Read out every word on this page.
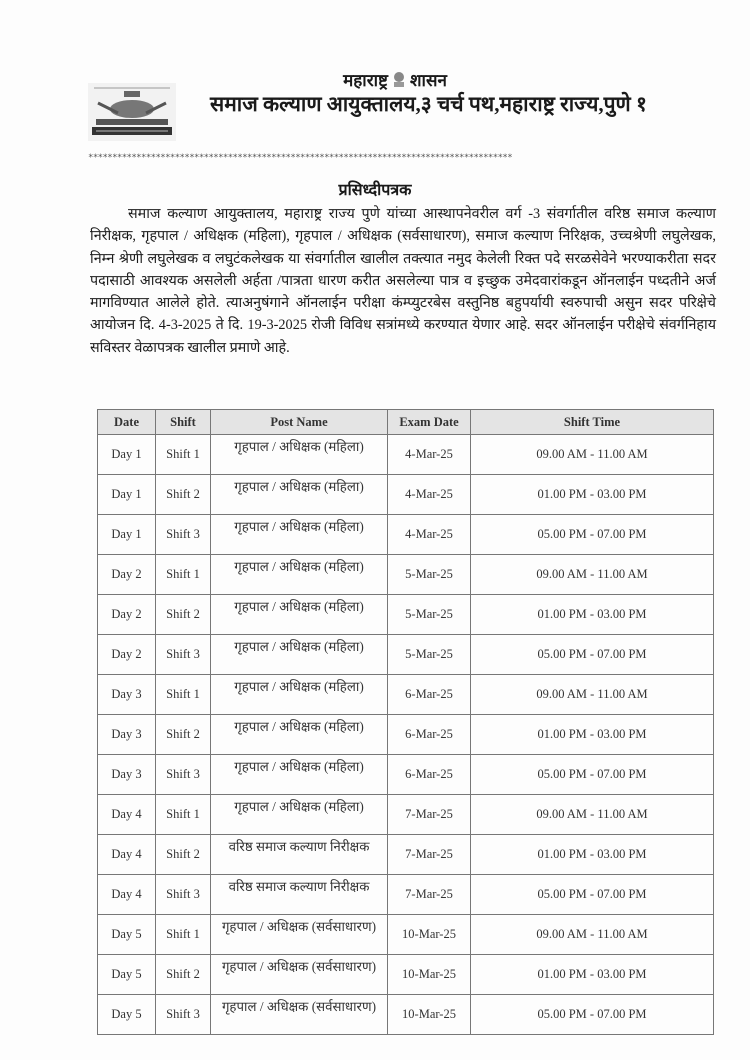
महाराष्ट्र शासन
समाज कल्याण आयुक्तालय,३ चर्च पथ,महाराष्ट्र राज्य,पुणे १
****************************************************************************************
प्रसिध्दीपत्रक
समाज कल्याण आयुक्तालय, महाराष्ट्र राज्य पुणे यांच्या आस्थापनेवरील वर्ग -3 संवर्गातील वरिष्ठ समाज कल्याण निरीक्षक, गृहपाल / अधिक्षक (महिला), गृहपाल / अधिक्षक (सर्वसाधारण), समाज कल्याण निरिक्षक, उच्चश्रेणी लघुलेखक, निम्न श्रेणी लघुलेखक व लघुटंकलेखक या संवर्गातील खालील तक्त्यात नमुद केलेली रिक्त पदे सरळसेवेने भरण्याकरीता सदर पदासाठी आवश्यक असलेली अर्हता /पात्रता धारण करीत असलेल्या पात्र व इच्छुक उमेदवारांकडून ऑनलाईन पध्दतीने अर्ज मागविण्यात आलेले होते. त्याअनुषंगाने ऑनलाईन परीक्षा कंम्प्युटरबेस वस्तुनिष्ठ बहुपर्यायी स्वरुपाची असुन सदर परिक्षेचे आयोजन दि. 4-3-2025 ते दि. 19-3-2025 रोजी विविध सत्रांमध्ये करण्यात येणार आहे. सदर ऑनलाईन परीक्षेचे संवर्गनिहाय सविस्तर वेळापत्रक खालील प्रमाणे आहे.
Date	Shift	Post Name	Exam Date	Shift Time
Day 1	Shift 1	गृहपाल / अधिक्षक (महिला)	4-Mar-25	09.00 AM - 11.00 AM
Day 1	Shift 2	गृहपाल / अधिक्षक (महिला)	4-Mar-25	01.00 PM - 03.00 PM
Day 1	Shift 3	गृहपाल / अधिक्षक (महिला)	4-Mar-25	05.00 PM - 07.00 PM
Day 2	Shift 1	गृहपाल / अधिक्षक (महिला)	5-Mar-25	09.00 AM - 11.00 AM
Day 2	Shift 2	गृहपाल / अधिक्षक (महिला)	5-Mar-25	01.00 PM - 03.00 PM
Day 2	Shift 3	गृहपाल / अधिक्षक (महिला)	5-Mar-25	05.00 PM - 07.00 PM
Day 3	Shift 1	गृहपाल / अधिक्षक (महिला)	6-Mar-25	09.00 AM - 11.00 AM
Day 3	Shift 2	गृहपाल / अधिक्षक (महिला)	6-Mar-25	01.00 PM - 03.00 PM
Day 3	Shift 3	गृहपाल / अधिक्षक (महिला)	6-Mar-25	05.00 PM - 07.00 PM
Day 4	Shift 1	गृहपाल / अधिक्षक (महिला)	7-Mar-25	09.00 AM - 11.00 AM
Day 4	Shift 2	वरिष्ठ समाज कल्याण निरीक्षक	7-Mar-25	01.00 PM - 03.00 PM
Day 4	Shift 3	वरिष्ठ समाज कल्याण निरीक्षक	7-Mar-25	05.00 PM - 07.00 PM
Day 5	Shift 1	गृहपाल / अधिक्षक (सर्वसाधारण)	10-Mar-25	09.00 AM - 11.00 AM
Day 5	Shift 2	गृहपाल / अधिक्षक (सर्वसाधारण)	10-Mar-25	01.00 PM - 03.00 PM
Day 5	Shift 3	गृहपाल / अधिक्षक (सर्वसाधारण)	10-Mar-25	05.00 PM - 07.00 PM
